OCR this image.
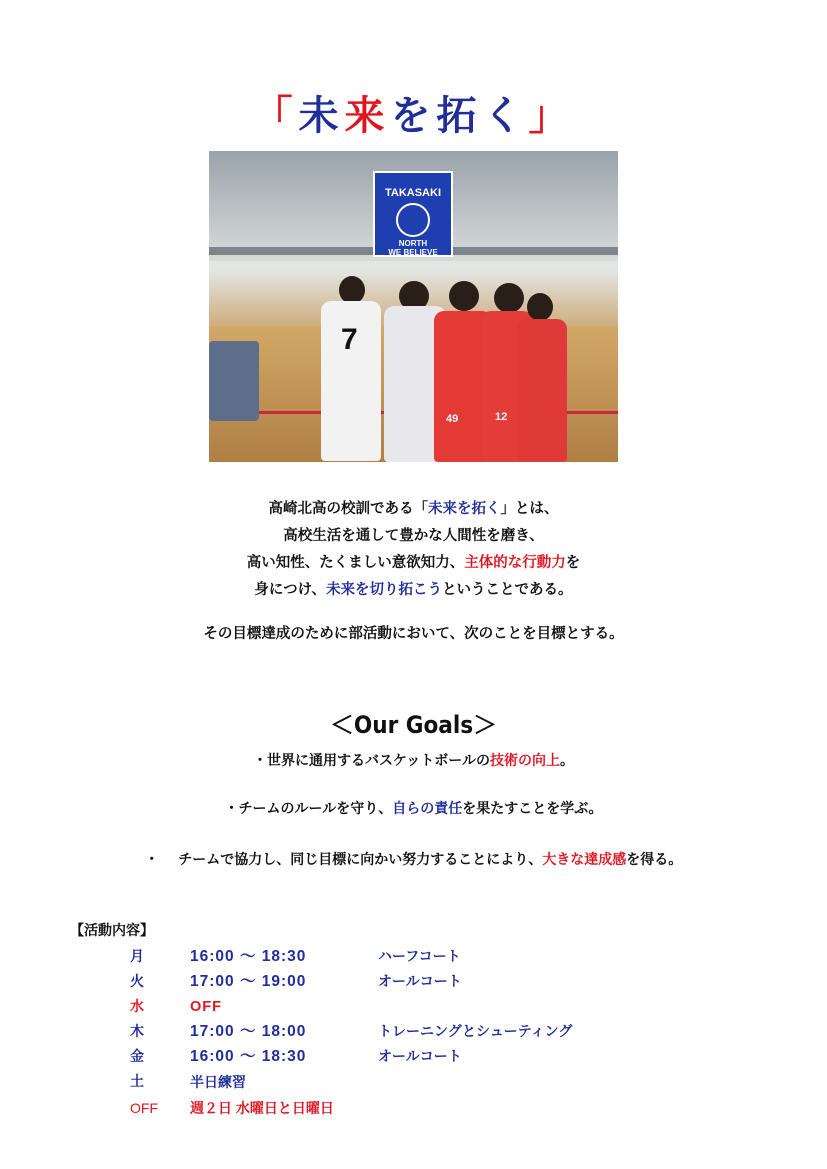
「未来を拓く」
TAKASAKI
NORTH
WE BELIEVE
7
49	12
高崎北高の校訓である「未来を拓く」とは、
高校生活を通して豊かな人間性を磨き、
高い知性、たくましい意欲知力、主体的な行動力を
身につけ、未来を切り拓こうということである。
その目標達成のために部活動において、次のことを目標とする。
＜Our Goals＞
・世界に通用するバスケットボールの技術の向上。
・チームのルールを守り、自らの責任を果たすことを学ぶ。
・ チームで協力し、同じ目標に向かい努力することにより、大きな達成感を得る。
【活動内容】
月	16:00 〜 18:30	ハーフコート
火	17:00 〜 19:00	オールコート
水	OFF
木	17:00 〜 18:00	トレーニングとシューティング
金	16:00 〜 18:30	オールコート
土	半日練習
OFF 週２日 水曜日と日曜日
